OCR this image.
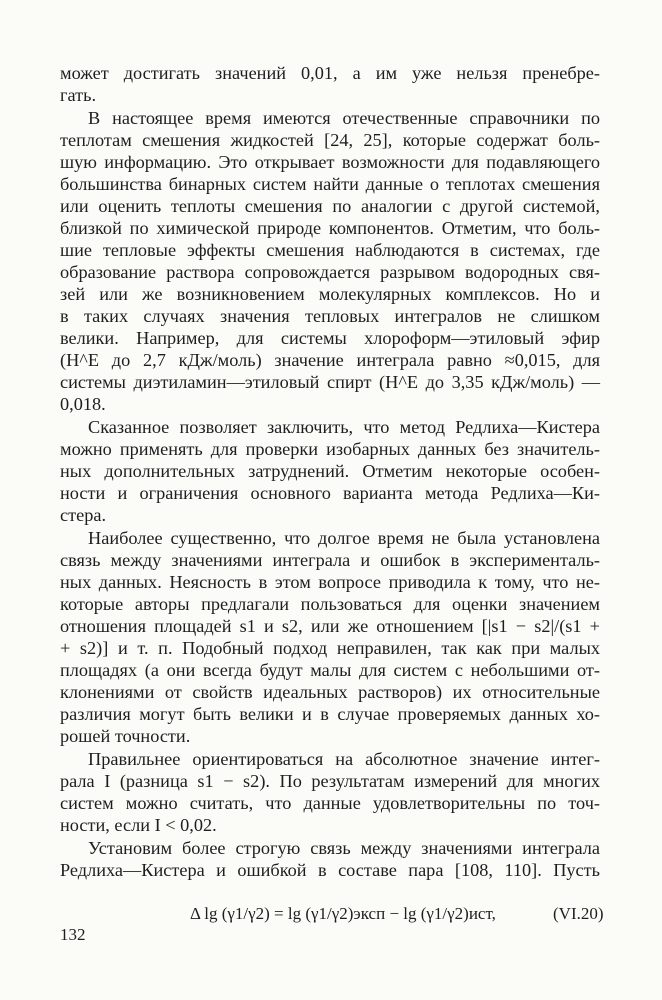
может достигать значений 0,01, а им уже нельзя пренебре-
гать.
В настоящее время имеются отечественные справочники по
теплотам смешения жидкостей [24, 25], которые содержат боль-
шую информацию. Это открывает возможности для подавляющего
большинства бинарных систем найти данные о теплотах смешения
или оценить теплоты смешения по аналогии с другой системой,
близкой по химической природе компонентов. Отметим, что боль-
шие тепловые эффекты смешения наблюдаются в системах, где
образование раствора сопровождается разрывом водородных свя-
зей или же возникновением молекулярных комплексов. Но и
в таких случаях значения тепловых интегралов не слишком
велики. Например, для системы хлороформ—этиловый эфир
(H^E до 2,7 кДж/моль) значение интеграла равно ≈0,015, для
системы диэтиламин—этиловый спирт (H^E до 3,35 кДж/моль) —
0,018.
Сказанное позволяет заключить, что метод Редлиха—Кистера
можно применять для проверки изобарных данных без значитель-
ных дополнительных затруднений. Отметим некоторые особен-
ности и ограничения основного варианта метода Редлиха—Ки-
стера.
Наиболее существенно, что долгое время не была установлена
связь между значениями интеграла и ошибок в эксперименталь-
ных данных. Неясность в этом вопросе приводила к тому, что не-
которые авторы предлагали пользоваться для оценки значением
отношения площадей s1 и s2, или же отношением [|s1 − s2|/(s1 +
+ s2)] и т. п. Подобный подход неправилен, так как при малых
площадях (а они всегда будут малы для систем с небольшими от-
клонениями от свойств идеальных растворов) их относительные
различия могут быть велики и в случае проверяемых данных хо-
рошей точности.
Правильнее ориентироваться на абсолютное значение интег-
рала I (разница s1 − s2). По результатам измерений для многих
систем можно считать, что данные удовлетворительны по точ-
ности, если I < 0,02.
Установим более строгую связь между значениями интеграла
Редлиха—Кистера и ошибкой в составе пара [108, 110]. Пусть
Δ lg (γ1/γ2) = lg (γ1/γ2)эксп − lg (γ1/γ2)ист,	(VI.20)
132
